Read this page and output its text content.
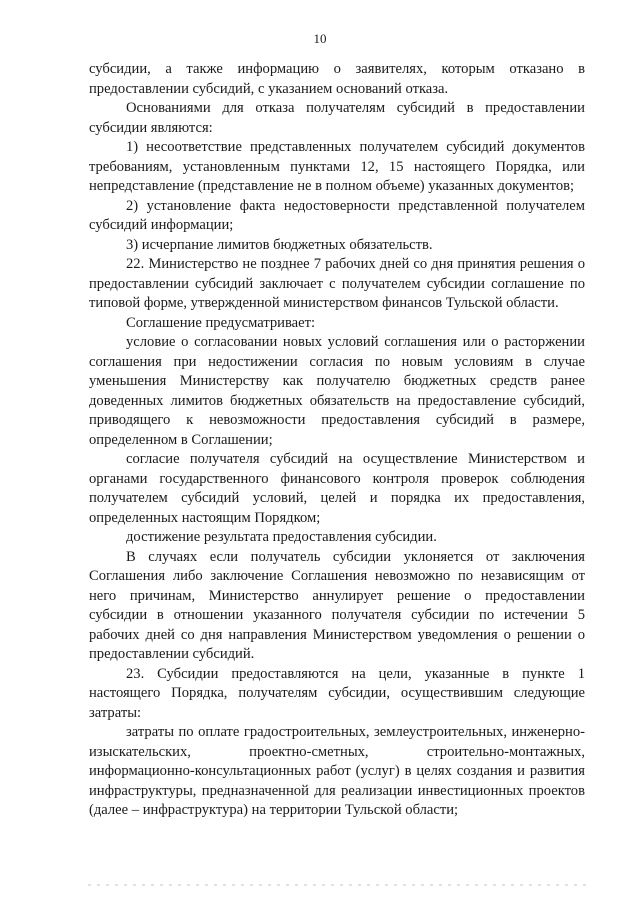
10

субсидии, а также информацию о заявителях, которым отказано в предоставлении субсидий, с указанием оснований отказа.

Основаниями для отказа получателям субсидий в предоставлении субсидии являются:

1) несоответствие представленных получателем субсидий документов требованиям, установленным пунктами 12, 15 настоящего Порядка, или непредставление (представление не в полном объеме) указанных документов;

2) установление факта недостоверности представленной получателем субсидий информации;

3) исчерпание лимитов бюджетных обязательств.

22. Министерство не позднее 7 рабочих дней со дня принятия решения о предоставлении субсидий заключает с получателем субсидии соглашение по типовой форме, утвержденной министерством финансов Тульской области.

Соглашение предусматривает:

условие о согласовании новых условий соглашения или о расторжении соглашения при недостижении согласия по новым условиям в случае уменьшения Министерству как получателю бюджетных средств ранее доведенных лимитов бюджетных обязательств на предоставление субсидий, приводящего к невозможности предоставления субсидий в размере, определенном в Соглашении;

согласие получателя субсидий на осуществление Министерством и органами государственного финансового контроля проверок соблюдения получателем субсидий условий, целей и порядка их предоставления, определенных настоящим Порядком;

достижение результата предоставления субсидии.

В случаях если получатель субсидии уклоняется от заключения Соглашения либо заключение Соглашения невозможно по независящим от него причинам, Министерство аннулирует решение о предоставлении субсидии в отношении указанного получателя субсидии по истечении 5 рабочих дней со дня направления Министерством уведомления о решении о предоставлении субсидий.

23. Субсидии предоставляются на цели, указанные в пункте 1 настоящего Порядка, получателям субсидии, осуществившим следующие затраты:

затраты по оплате градостроительных, землеустроительных, инженерно-изыскательских, проектно-сметных, строительно-монтажных, информационно-консультационных работ (услуг) в целях создания и развития инфраструктуры, предназначенной для реализации инвестиционных проектов (далее – инфраструктура) на территории Тульской области;
